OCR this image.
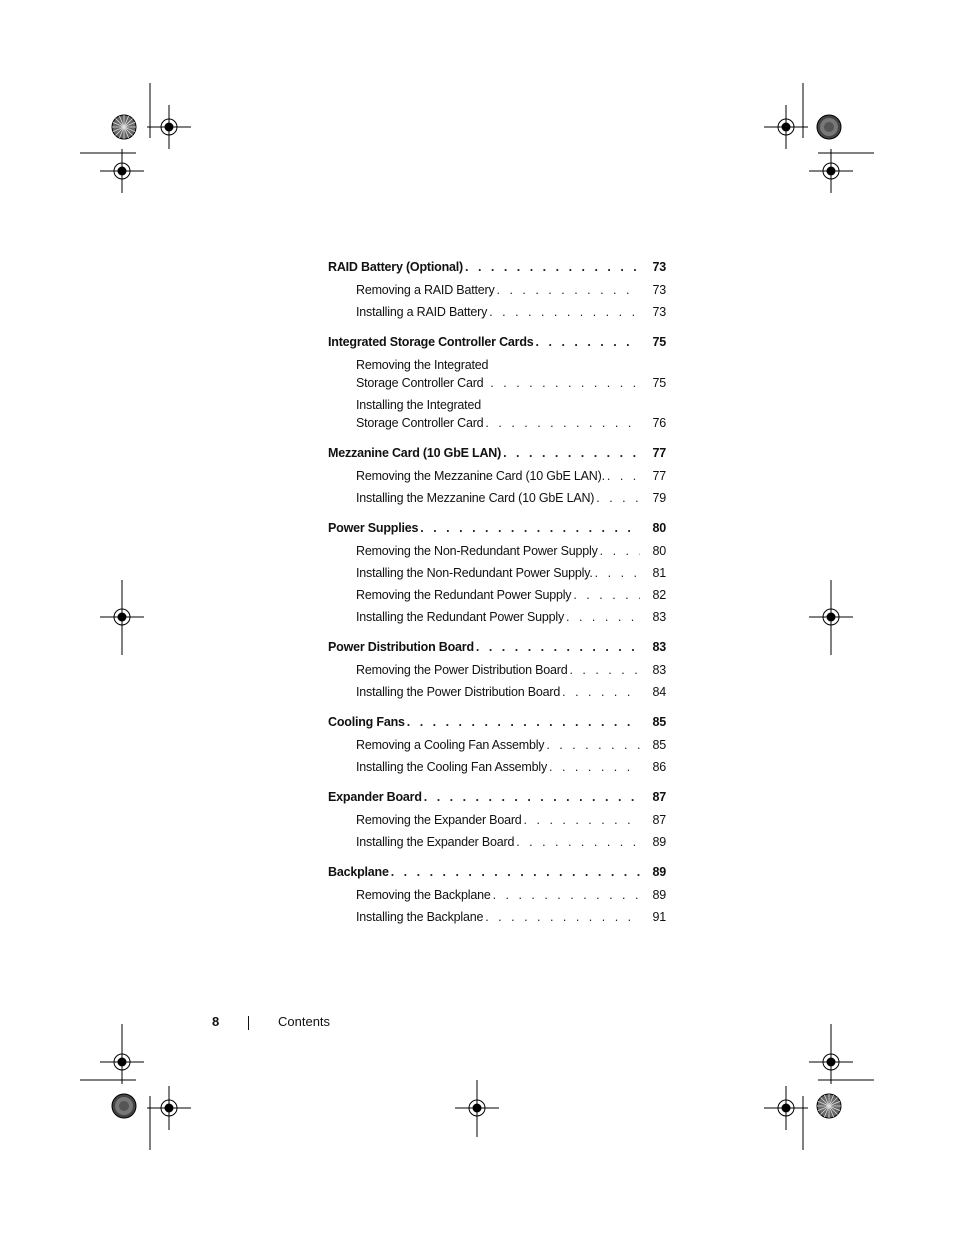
RAID Battery (Optional) . . .	73
Removing a RAID Battery . . .	73
Installing a RAID Battery . . .	73
Integrated Storage Controller Cards . . .	75
Removing the Integrated
Storage Controller Card . . .	75
Installing the Integrated
Storage Controller Card . . .	76
Mezzanine Card (10 GbE LAN) . . .	77
Removing the Mezzanine Card (10 GbE LAN). . . .	77
Installing the Mezzanine Card (10 GbE LAN) . . .	79
Power Supplies . . .	80
Removing the Non-Redundant Power Supply . . .	80
Installing the Non-Redundant Power Supply. . . .	81
Removing the Redundant Power Supply . . .	82
Installing the Redundant Power Supply . . .	83
Power Distribution Board . . .	83
Removing the Power Distribution Board . . .	83
Installing the Power Distribution Board . . .	84
Cooling Fans . . .	85
Removing a Cooling Fan Assembly . . .	85
Installing the Cooling Fan Assembly . . .	86
Expander Board . . .	87
Removing the Expander Board . . .	87
Installing the Expander Board . . .	89
Backplane . . .	89
Removing the Backplane . . .	89
Installing the Backplane . . .	91
8	Contents
